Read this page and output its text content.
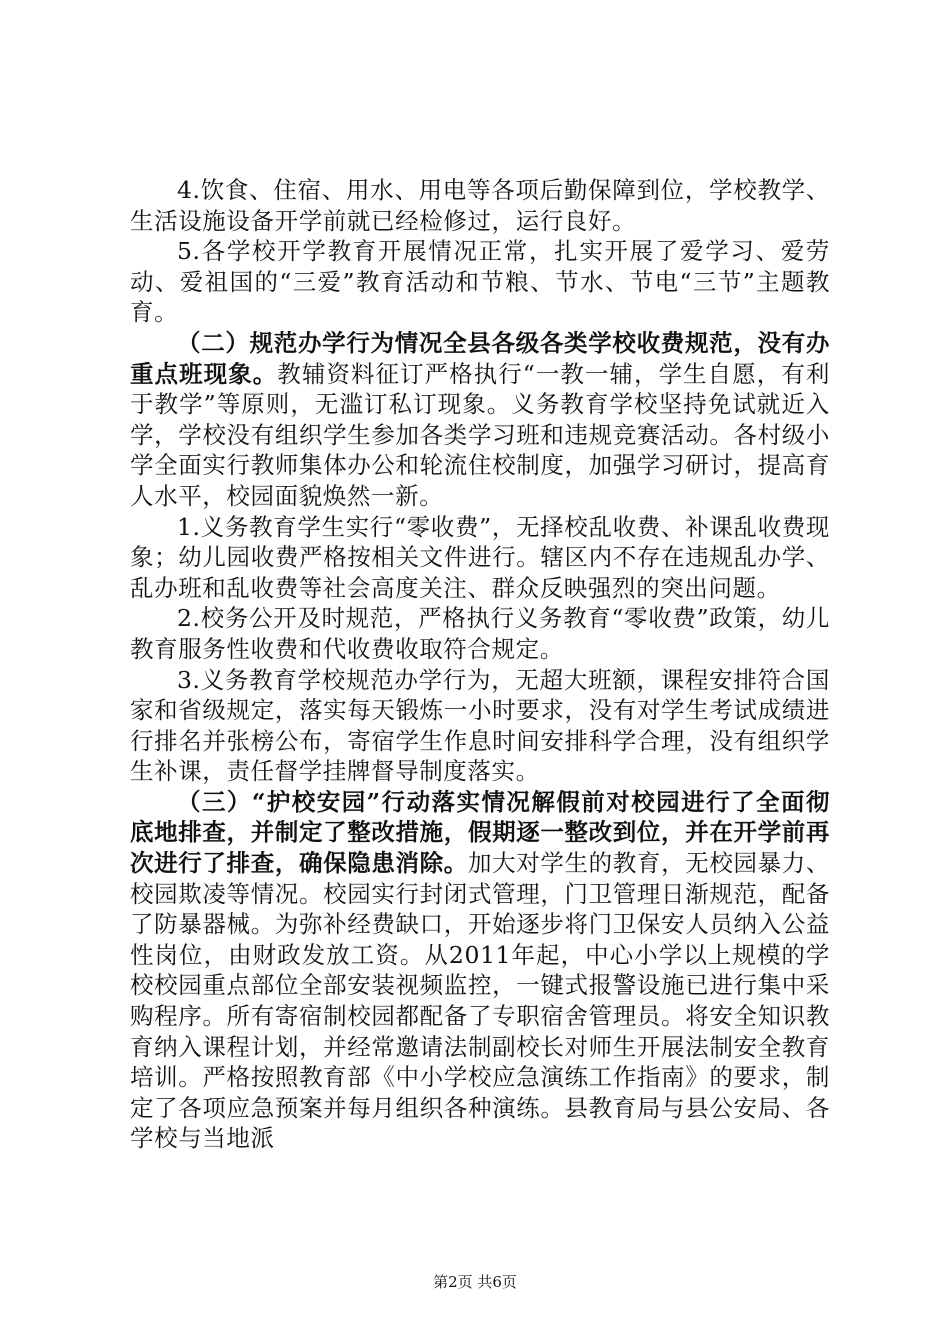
4.饮食、住宿、用水、用电等各项后勤保障到位，学校教学、生活设施设备开学前就已经检修过，运行良好。

5.各学校开学教育开展情况正常，扎实开展了爱学习、爱劳动、爱祖国的“三爱”教育活动和节粮、节水、节电“三节”主题教育。

（二）规范办学行为情况全县各级各类学校收费规范，没有办重点班现象。教辅资料征订严格执行“一教一辅，学生自愿，有利于教学”等原则，无滥订私订现象。义务教育学校坚持免试就近入学，学校没有组织学生参加各类学习班和违规竞赛活动。各村级小学全面实行教师集体办公和轮流住校制度，加强学习研讨，提高育人水平，校园面貌焕然一新。

1.义务教育学生实行“零收费”，无择校乱收费、补课乱收费现象；幼儿园收费严格按相关文件进行。辖区内不存在违规乱办学、乱办班和乱收费等社会高度关注、群众反映强烈的突出问题。

2.校务公开及时规范，严格执行义务教育“零收费”政策，幼儿教育服务性收费和代收费收取符合规定。

3.义务教育学校规范办学行为，无超大班额，课程安排符合国家和省级规定，落实每天锻炼一小时要求，没有对学生考试成绩进行排名并张榜公布，寄宿学生作息时间安排科学合理，没有组织学生补课，责任督学挂牌督导制度落实。

（三）“护校安园”行动落实情况解假前对校园进行了全面彻底地排查，并制定了整改措施，假期逐一整改到位，并在开学前再次进行了排查，确保隐患消除。加大对学生的教育，无校园暴力、校园欺凌等情况。校园实行封闭式管理，门卫管理日渐规范，配备了防暴器械。为弥补经费缺口，开始逐步将门卫保安人员纳入公益性岗位，由财政发放工资。从2011年起，中心小学以上规模的学校校园重点部位全部安装视频监控，一键式报警设施已进行集中采购程序。所有寄宿制校园都配备了专职宿舍管理员。将安全知识教育纳入课程计划，并经常邀请法制副校长对师生开展法制安全教育培训。严格按照教育部《中小学校应急演练工作指南》的要求，制定了各项应急预案并每月组织各种演练。县教育局与县公安局、各学校与当地派

第2页 共6页
